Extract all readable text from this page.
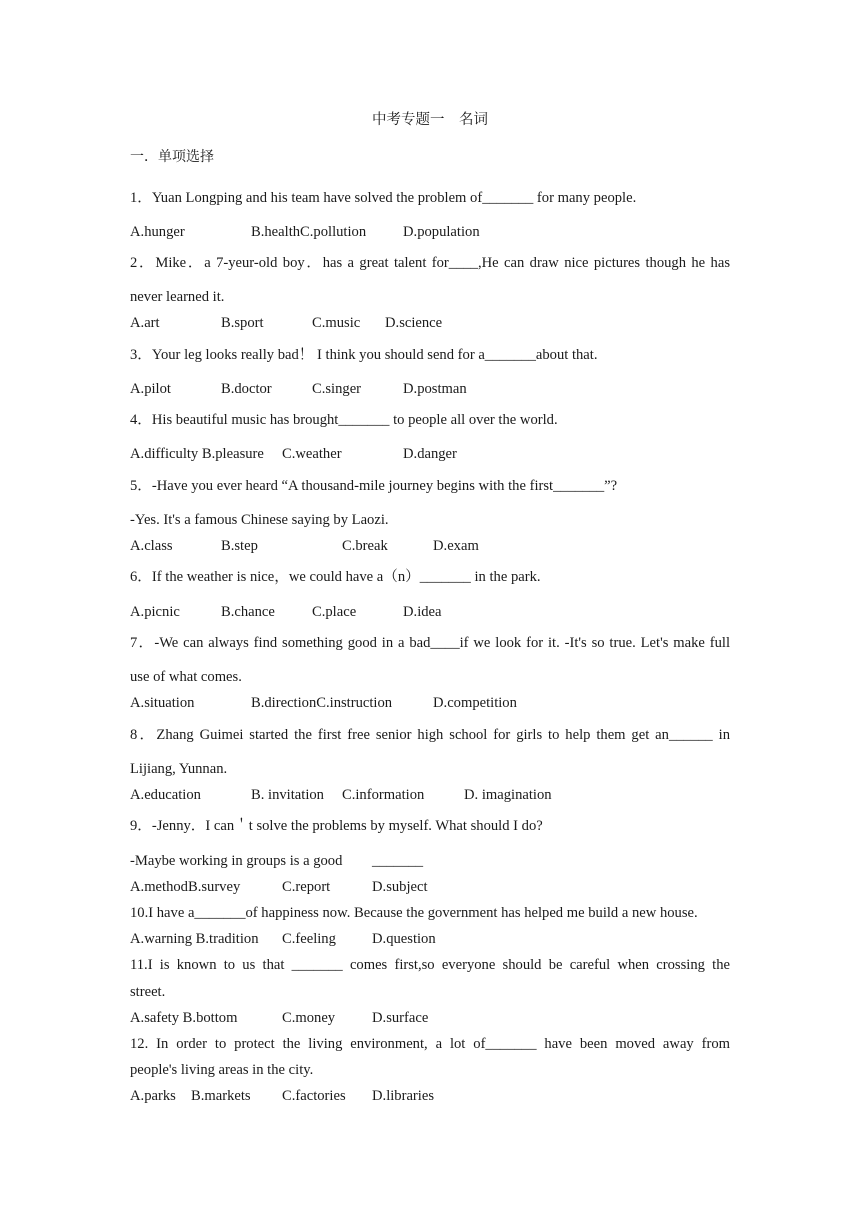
中考专题一　名词
一．单项选择
1．Yuan Longping and his team have solved the problem of_______ for many people.
A.hunger	B.healthC.pollution	D.population
2．Mike．a 7-yeur-old boy．has a great talent for____,He can draw nice pictures though he has
never learned it.
A.art	B.sport	C.music D.science
3．Your leg looks really bad！ I think you should send for a_______about that.
A.pilot	B.doctor	C.singer	D.postman
4．His beautiful music has brought_______ to people all over the world.
A.difficulty B.pleasure C.weather	D.danger
5．-Have you ever heard “A thousand-mile journey begins with the first_______”?
-Yes. It's a famous Chinese saying by Laozi.
A.class	B.step	C.break	D.exam
6．If the weather is nice，we could have a（n）_______ in the park.
A.picnic	B.chance	C.place	D.idea
7．-We can always find something good in a bad____if we look for it. -It's so true. Let's make full
use of what comes.
A.situation	B.directionC.instruction	D.competition
8．Zhang Guimei started the first free senior high school for girls to help them get an______ in
Lijiang, Yunnan.
A.education	B. invitation C.information	D. imagination
9．-Jenny．I can＇t solve the problems by myself. What should I do?
-Maybe working in groups is a good _______
A.methodB.survey	C.report	D.subject
10.I have a_______of happiness now. Because the government has helped me build a new house.
A.warning B.tradition C.feeling D.question
11.I is known to us that _______ comes first,so everyone should be careful when crossing the
street.
A.safety B.bottom	C.money	D.surface
12. In order to protect the living environment, a lot of_______ have been moved away from
people's living areas in the city.
A.parks B.markets C.factories D.libraries
